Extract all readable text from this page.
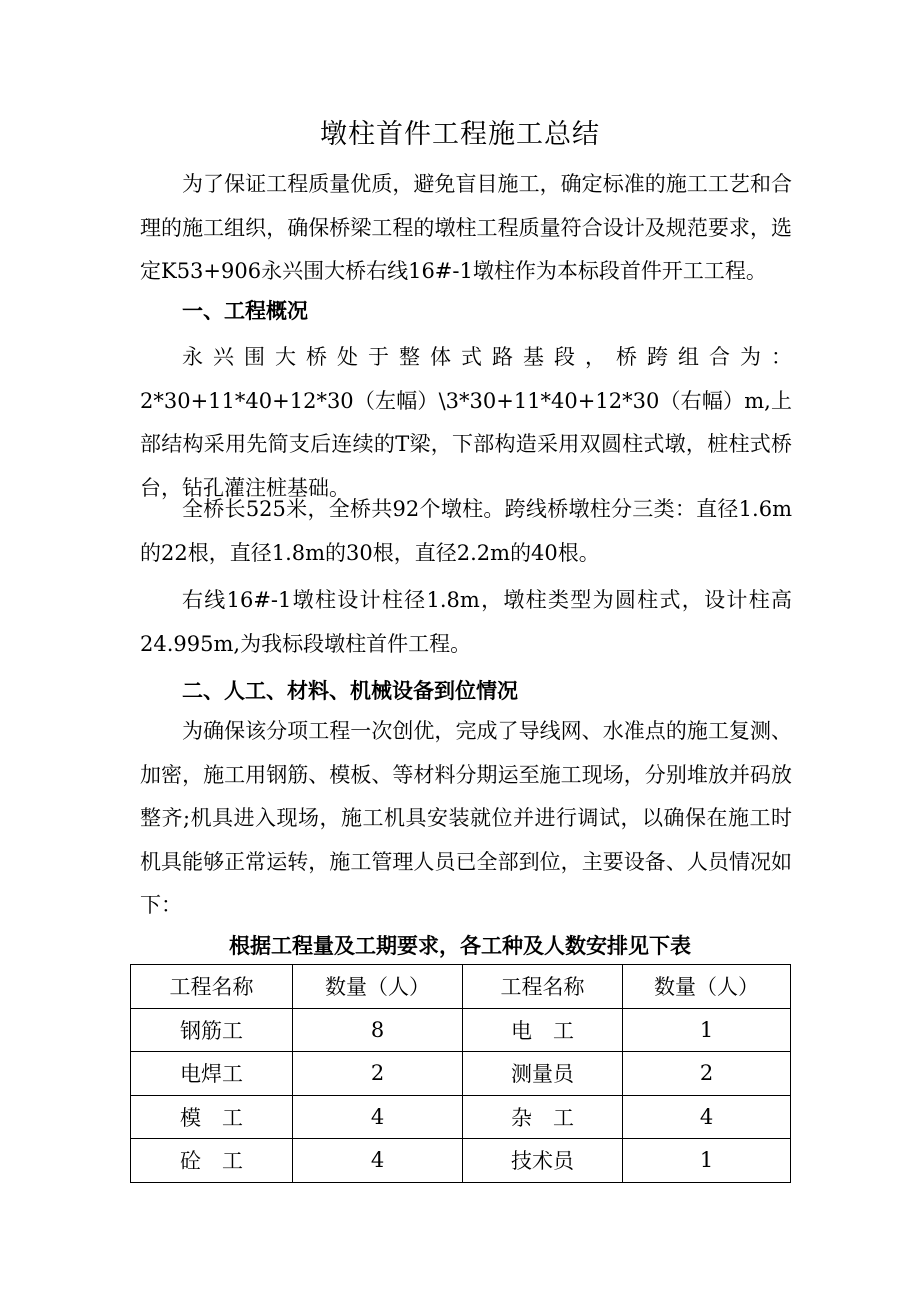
墩柱首件工程施工总结

为了保证工程质量优质，避免盲目施工，确定标准的施工工艺和合理的施工组织，确保桥梁工程的墩柱工程质量符合设计及规范要求，选定K53+906永兴围大桥右线16#-1墩柱作为本标段首件开工工程。

一、工程概况

永兴围大桥处于整体式路基段，桥跨组合为：2*30+11*40+12*30（左幅）\3*30+11*40+12*30（右幅）m,上部结构采用先简支后连续的T梁，下部构造采用双圆柱式墩，桩柱式桥台，钻孔灌注桩基础。

全桥长525米，全桥共92个墩柱。跨线桥墩柱分三类：直径1.6m的22根，直径1.8m的30根，直径2.2m的40根。

右线16#-1墩柱设计柱径1.8m，墩柱类型为圆柱式，设计柱高24.995m,为我标段墩柱首件工程。

二、人工、材料、机械设备到位情况

为确保该分项工程一次创优，完成了导线网、水准点的施工复测、加密，施工用钢筋、模板、等材料分期运至施工现场，分别堆放并码放整齐;机具进入现场，施工机具安装就位并进行调试，以确保在施工时机具能够正常运转，施工管理人员已全部到位，主要设备、人员情况如下：

根据工程量及工期要求，各工种及人数安排见下表
工程名称	数量（人）	工程名称	数量（人）
钢筋工	8	电　工	1
电焊工	2	测量员	2
模　工	4	杂　工	4
砼　工	4	技术员	1
